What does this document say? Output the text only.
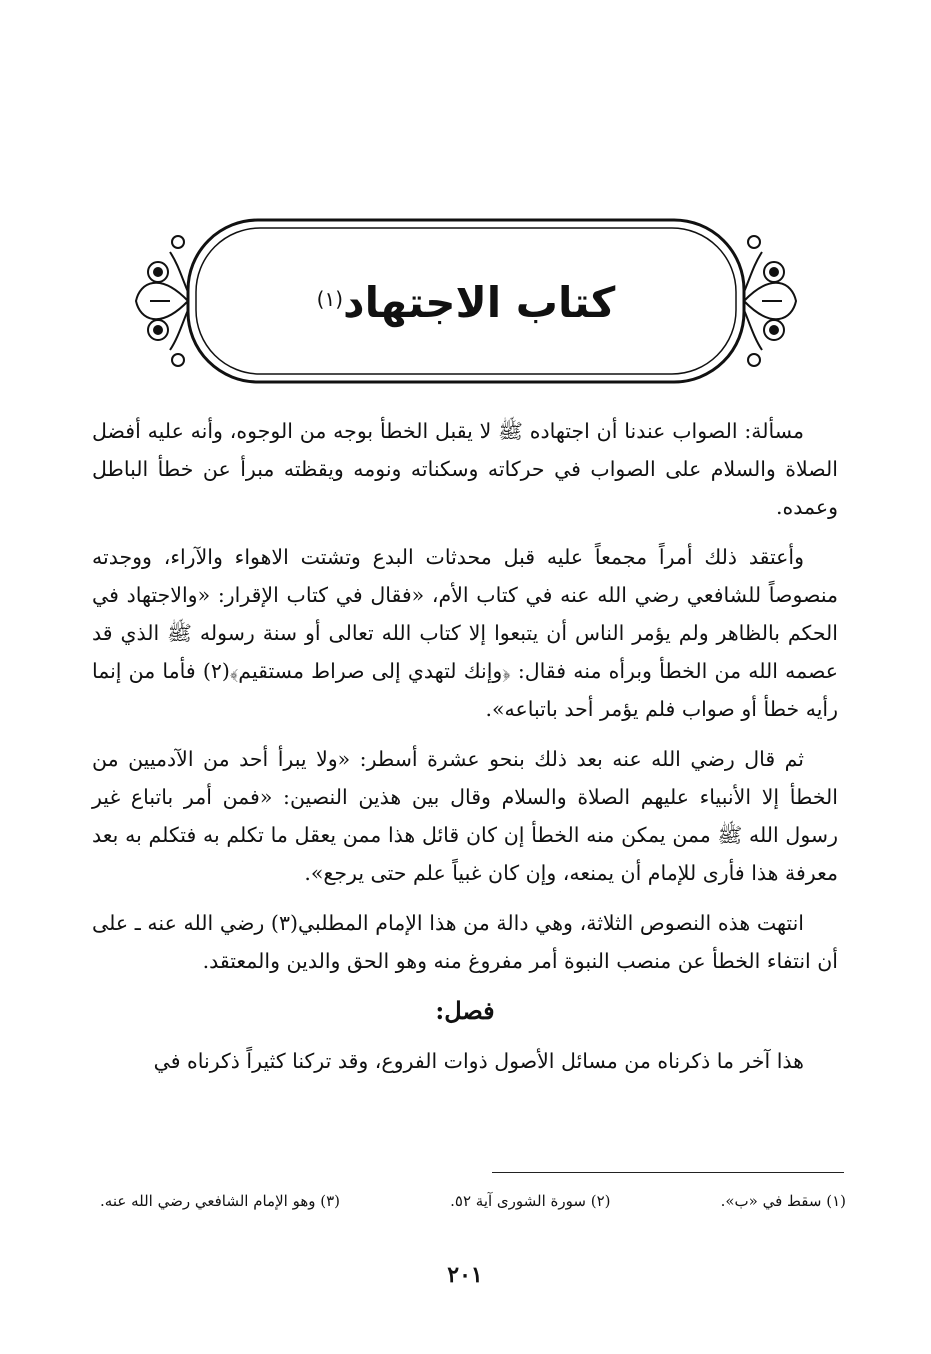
كتاب الاجتهاد$^{(١)}$

مسألة: الصواب عندنا أن اجتهاده ﷺ لا يقبل الخطأ بوجه من الوجوه، وأنه عليه أفضل الصلاة والسلام على الصواب في حركاته وسكناته ونومه ويقظته مبرأ عن خطأ الباطل وعمده.

وأعتقد ذلك أمراً مجمعاً عليه قبل محدثات البدع وتشتت الاهواء والآراء، ووجدته منصوصاً للشافعي رضي الله عنه في كتاب الأم، «فقال في كتاب الإقرار: «والاجتهاد في الحكم بالظاهر ولم يؤمر الناس أن يتبعوا إلا كتاب الله تعالى أو سنة رسوله ﷺ الذي قد عصمه الله من الخطأ وبرأه منه فقال: ﴿وإنك لتهدي إلى صراط مستقيم﴾(٢) فأما من إنما رأيه خطأ أو صواب فلم يؤمر أحد باتباعه».

ثم قال رضي الله عنه بعد ذلك بنحو عشرة أسطر: «ولا يبرأ أحد من الآدميين من الخطأ إلا الأنبياء عليهم الصلاة والسلام وقال بين هذين النصين: «فمن أمر باتباع غير رسول الله ﷺ ممن يمكن منه الخطأ إن كان قائل هذا ممن يعقل ما تكلم به فتكلم به بعد معرفة هذا فأرى للإمام أن يمنعه، وإن كان غبياً علم حتى يرجع».

انتهت هذه النصوص الثلاثة، وهي دالة من هذا الإمام المطلبي(٣) رضي الله عنه ـ على أن انتفاء الخطأ عن منصب النبوة أمر مفروغ منه وهو الحق والدين والمعتقد.

فصل:

هذا آخر ما ذكرناه من مسائل الأصول ذوات الفروع، وقد تركنا كثيراً ذكرناه في

(١) سقط في «ب».
(٢) سورة الشورى آية ٥٢.
(٣) وهو الإمام الشافعي رضي الله عنه.
٢٠١
